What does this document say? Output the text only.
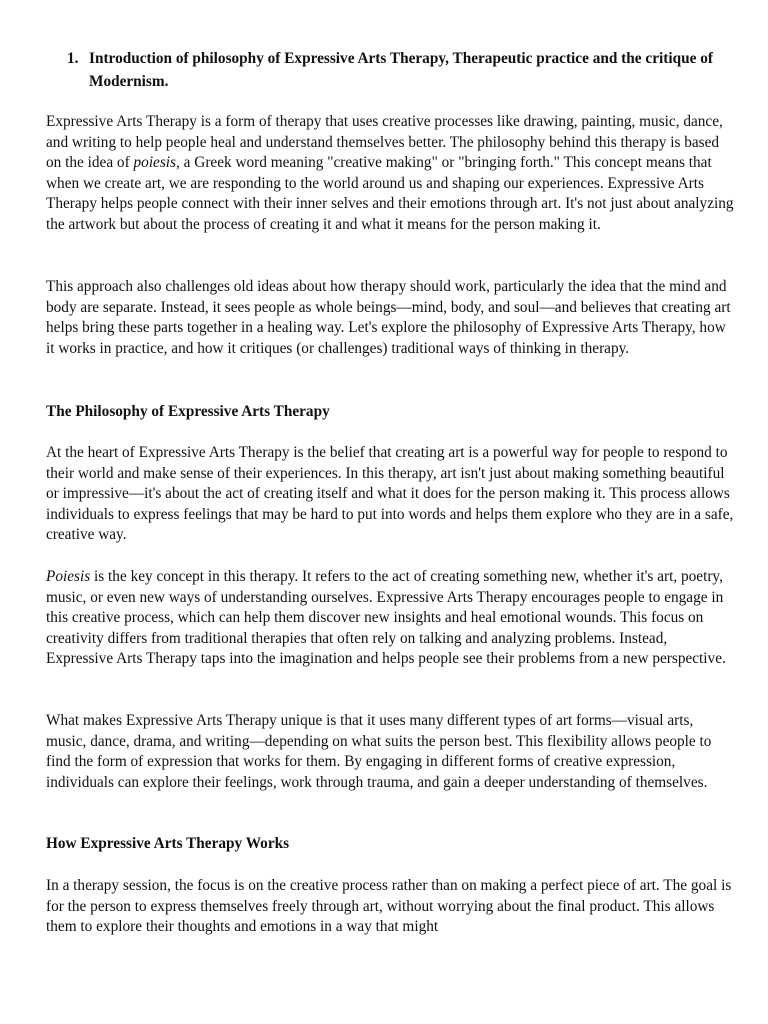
1. Introduction of philosophy of Expressive Arts Therapy, Therapeutic practice and the critique of Modernism.

Expressive Arts Therapy is a form of therapy that uses creative processes like drawing, painting, music, dance, and writing to help people heal and understand themselves better. The philosophy behind this therapy is based on the idea of poiesis, a Greek word meaning "creative making" or "bringing forth." This concept means that when we create art, we are responding to the world around us and shaping our experiences. Expressive Arts Therapy helps people connect with their inner selves and their emotions through art. It's not just about analyzing the artwork but about the process of creating it and what it means for the person making it.

This approach also challenges old ideas about how therapy should work, particularly the idea that the mind and body are separate. Instead, it sees people as whole beings—mind, body, and soul—and believes that creating art helps bring these parts together in a healing way. Let's explore the philosophy of Expressive Arts Therapy, how it works in practice, and how it critiques (or challenges) traditional ways of thinking in therapy.

The Philosophy of Expressive Arts Therapy

At the heart of Expressive Arts Therapy is the belief that creating art is a powerful way for people to respond to their world and make sense of their experiences. In this therapy, art isn't just about making something beautiful or impressive—it's about the act of creating itself and what it does for the person making it. This process allows individuals to express feelings that may be hard to put into words and helps them explore who they are in a safe, creative way.

Poiesis is the key concept in this therapy. It refers to the act of creating something new, whether it's art, poetry, music, or even new ways of understanding ourselves. Expressive Arts Therapy encourages people to engage in this creative process, which can help them discover new insights and heal emotional wounds. This focus on creativity differs from traditional therapies that often rely on talking and analyzing problems. Instead, Expressive Arts Therapy taps into the imagination and helps people see their problems from a new perspective.

What makes Expressive Arts Therapy unique is that it uses many different types of art forms—visual arts, music, dance, drama, and writing—depending on what suits the person best. This flexibility allows people to find the form of expression that works for them. By engaging in different forms of creative expression, individuals can explore their feelings, work through trauma, and gain a deeper understanding of themselves.

How Expressive Arts Therapy Works

In a therapy session, the focus is on the creative process rather than on making a perfect piece of art. The goal is for the person to express themselves freely through art, without worrying about the final product. This allows them to explore their thoughts and emotions in a way that might
